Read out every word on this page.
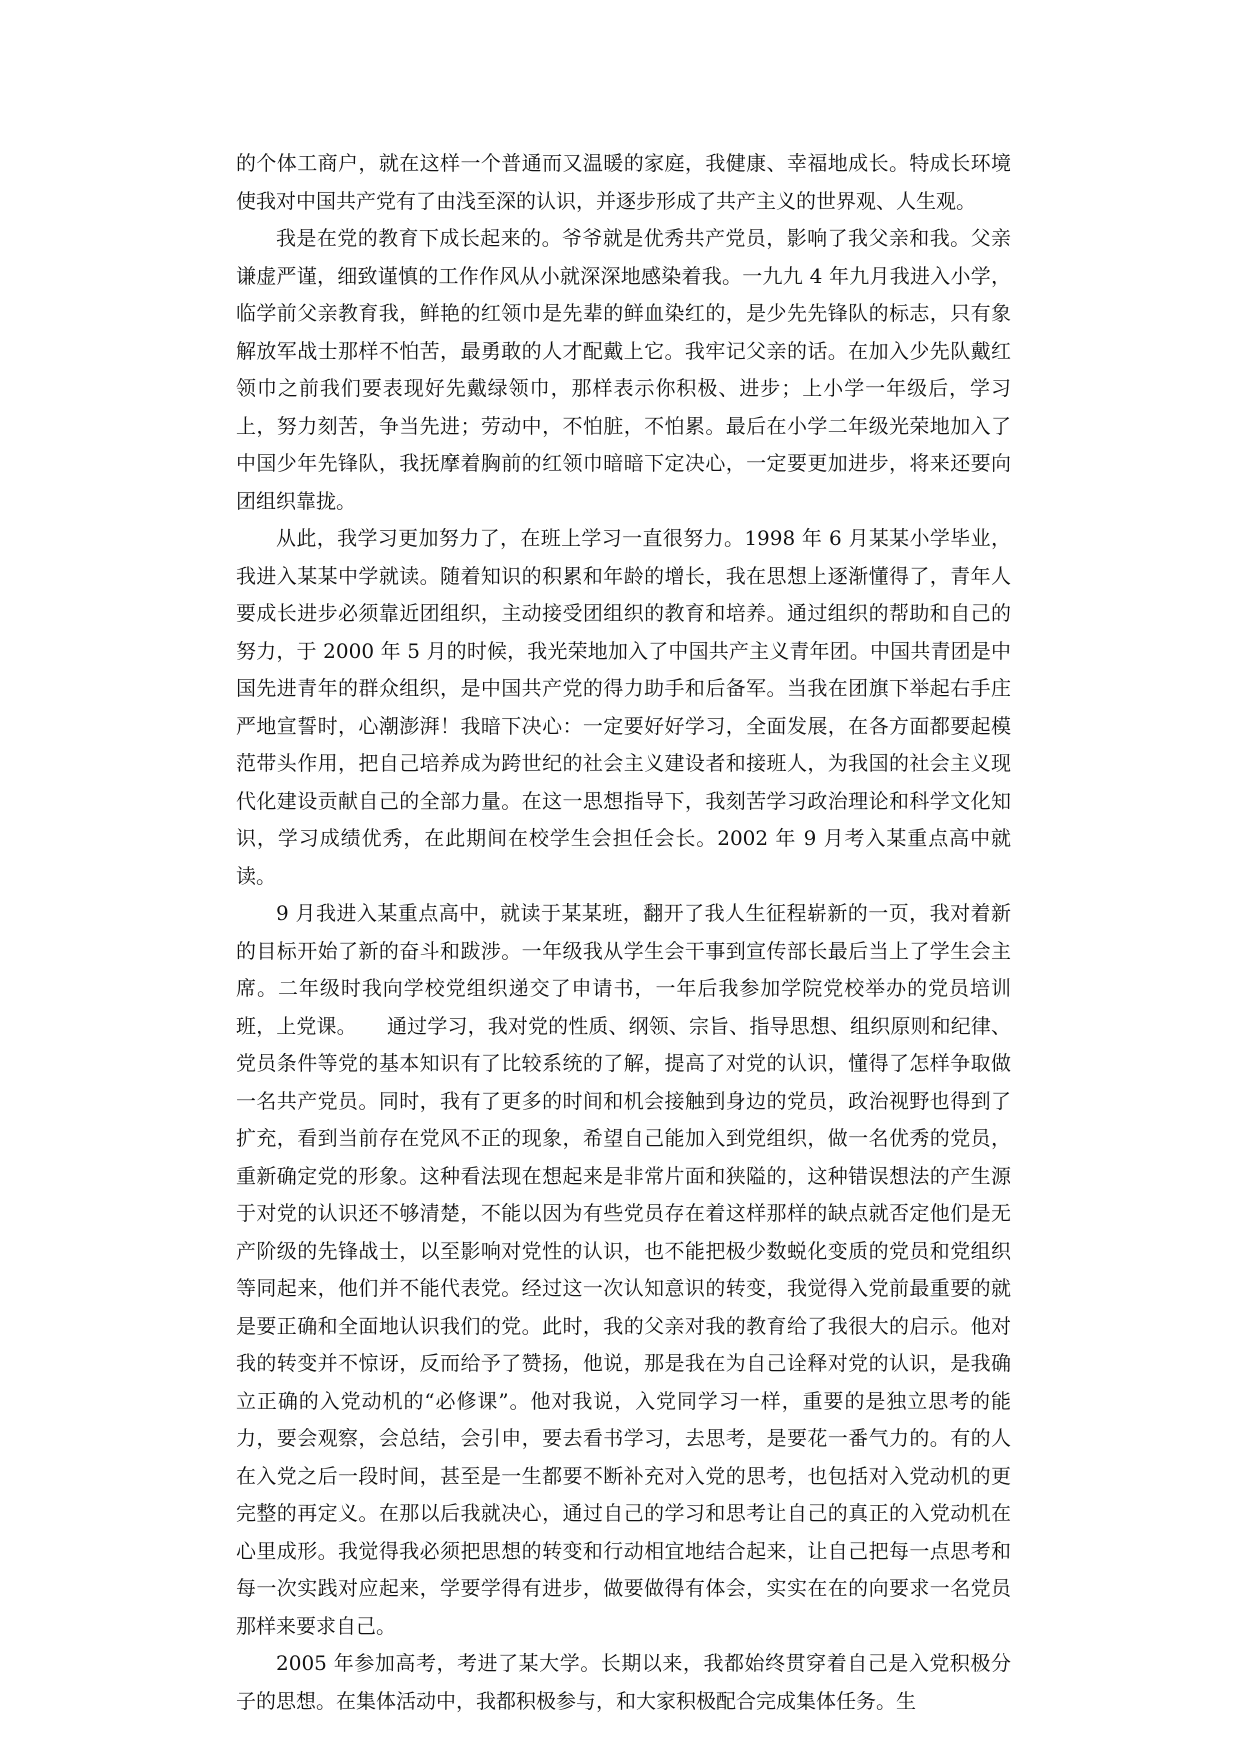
的个体工商户，就在这样一个普通而又温暖的家庭，我健康、幸福地成长。特成长环境使我对中国共产党有了由浅至深的认识，并逐步形成了共产主义的世界观、人生观。

我是在党的教育下成长起来的。爷爷就是优秀共产党员，影响了我父亲和我。父亲谦虚严谨，细致谨慎的工作作风从小就深深地感染着我。一九九 4 年九月我进入小学，临学前父亲教育我，鲜艳的红领巾是先辈的鲜血染红的，是少先先锋队的标志，只有象解放军战士那样不怕苦，最勇敢的人才配戴上它。我牢记父亲的话。在加入少先队戴红领巾之前我们要表现好先戴绿领巾，那样表示你积极、进步；上小学一年级后，学习上，努力刻苦，争当先进；劳动中，不怕脏，不怕累。最后在小学二年级光荣地加入了中国少年先锋队，我抚摩着胸前的红领巾暗暗下定决心，一定要更加进步，将来还要向团组织靠拢。

从此，我学习更加努力了，在班上学习一直很努力。1998 年 6 月某某小学毕业，我进入某某中学就读。随着知识的积累和年龄的增长，我在思想上逐渐懂得了，青年人要成长进步必须靠近团组织，主动接受团组织的教育和培养。通过组织的帮助和自己的努力，于 2000 年 5 月的时候，我光荣地加入了中国共产主义青年团。中国共青团是中国先进青年的群众组织，是中国共产党的得力助手和后备军。当我在团旗下举起右手庄严地宣誓时，心潮澎湃！我暗下决心：一定要好好学习，全面发展，在各方面都要起模范带头作用，把自己培养成为跨世纪的社会主义建设者和接班人，为我国的社会主义现代化建设贡献自己的全部力量。在这一思想指导下，我刻苦学习政治理论和科学文化知识，学习成绩优秀，在此期间在校学生会担任会长。2002 年 9 月考入某重点高中就读。

9 月我进入某重点高中，就读于某某班，翻开了我人生征程崭新的一页，我对着新的目标开始了新的奋斗和跋涉。一年级我从学生会干事到宣传部长最后当上了学生会主席。二年级时我向学校党组织递交了申请书，一年后我参加学院党校举办的党员培训班，上党课。　　通过学习，我对党的性质、纲领、宗旨、指导思想、组织原则和纪律、党员条件等党的基本知识有了比较系统的了解，提高了对党的认识，懂得了怎样争取做一名共产党员。同时，我有了更多的时间和机会接触到身边的党员，政治视野也得到了扩充，看到当前存在党风不正的现象，希望自己能加入到党组织，做一名优秀的党员，重新确定党的形象。这种看法现在想起来是非常片面和狭隘的，这种错误想法的产生源于对党的认识还不够清楚，不能以因为有些党员存在着这样那样的缺点就否定他们是无产阶级的先锋战士，以至影响对党性的认识，也不能把极少数蜕化变质的党员和党组织等同起来，他们并不能代表党。经过这一次认知意识的转变，我觉得入党前最重要的就是要正确和全面地认识我们的党。此时，我的父亲对我的教育给了我很大的启示。他对我的转变并不惊讶，反而给予了赞扬，他说，那是我在为自己诠释对党的认识，是我确立正确的入党动机的“必修课”。他对我说，入党同学习一样，重要的是独立思考的能力，要会观察，会总结，会引申，要去看书学习，去思考，是要花一番气力的。有的人在入党之后一段时间，甚至是一生都要不断补充对入党的思考，也包括对入党动机的更完整的再定义。在那以后我就决心，通过自己的学习和思考让自己的真正的入党动机在心里成形。我觉得我必须把思想的转变和行动相宜地结合起来，让自己把每一点思考和每一次实践对应起来，学要学得有进步，做要做得有体会，实实在在的向要求一名党员那样来要求自己。

2005 年参加高考，考进了某大学。长期以来，我都始终贯穿着自己是入党积极分子的思想。在集体活动中，我都积极参与，和大家积极配合完成集体任务。生
